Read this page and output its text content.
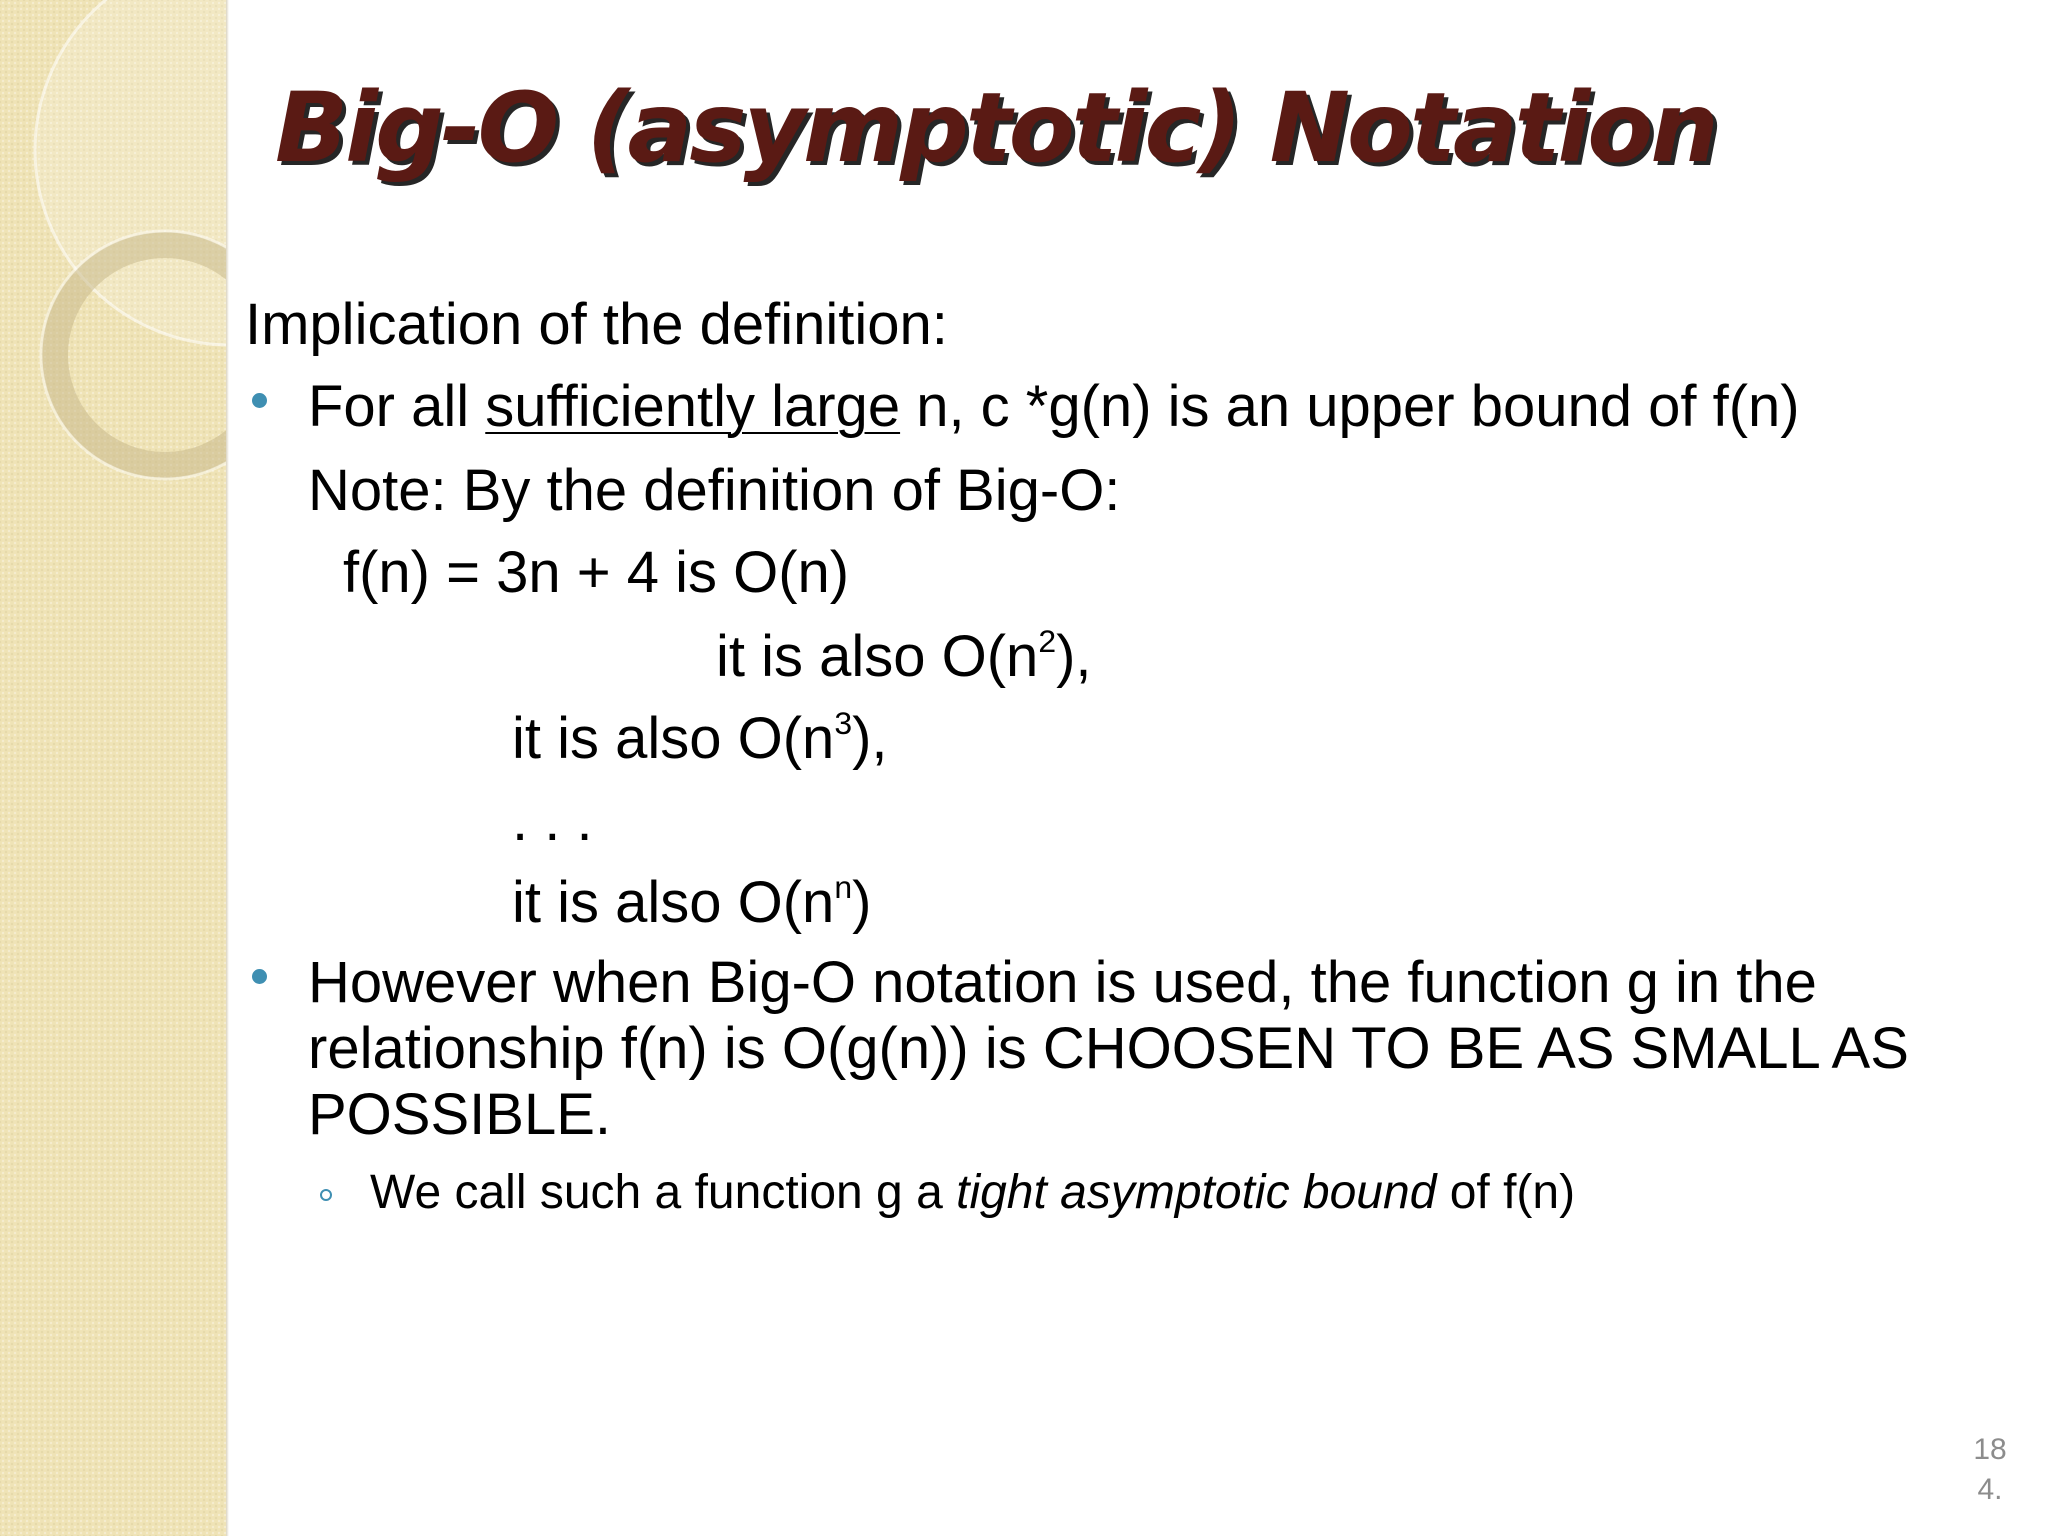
Big-O (asymptotic) Notation
Implication of the definition:
For all sufficiently large n, c *g(n) is an upper bound of f(n)
Note: By the definition of Big-O:
f(n) = 3n + 4 is O(n)
it is also $O(n^2)$,
it is also $O(n^3)$,
. . .
it is also $O(n^n)$
However when Big-O notation is used, the function g in the relationship f(n) is O(g(n)) is CHOOSEN TO BE AS SMALL AS POSSIBLE.
We call such a function g a tight asymptotic bound of f(n)
18
4.
